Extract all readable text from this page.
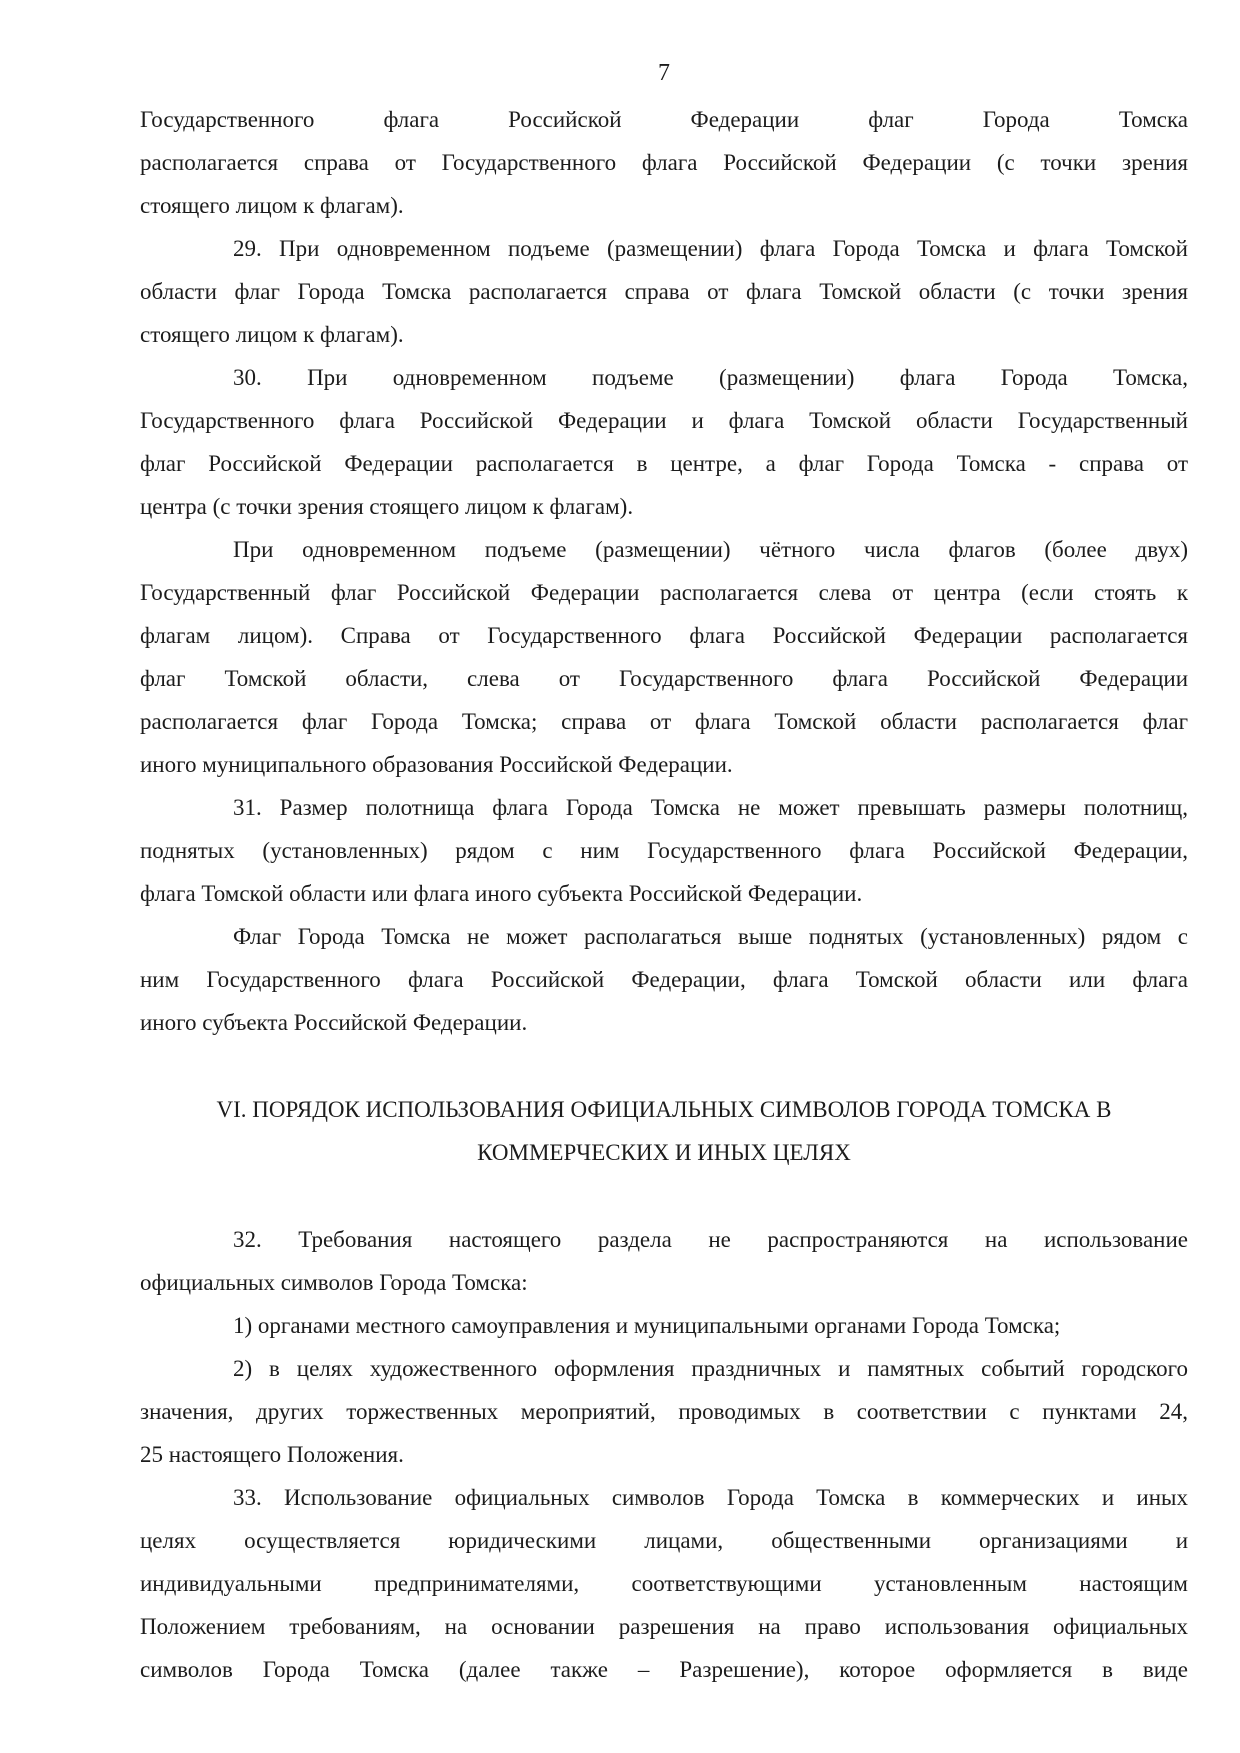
7
Государственного флага Российской Федерации флаг Города Томска
располагается справа от Государственного флага Российской Федерации (с точки зрения
стоящего лицом к флагам).
29. При одновременном подъеме (размещении) флага Города Томска и флага Томской
области флаг Города Томска располагается справа от флага Томской области (с точки зрения
стоящего лицом к флагам).
30. При одновременном подъеме (размещении) флага Города Томска,
Государственного флага Российской Федерации и флага Томской области Государственный
флаг Российской Федерации располагается в центре, а флаг Города Томска - справа от
центра (с точки зрения стоящего лицом к флагам).
При одновременном подъеме (размещении) чётного числа флагов (более двух)
Государственный флаг Российской Федерации располагается слева от центра (если стоять к
флагам лицом). Справа от Государственного флага Российской Федерации располагается
флаг Томской области, слева от Государственного флага Российской Федерации
располагается флаг Города Томска; справа от флага Томской области располагается флаг
иного муниципального образования Российской Федерации.
31. Размер полотнища флага Города Томска не может превышать размеры полотнищ,
поднятых (установленных) рядом с ним Государственного флага Российской Федерации,
флага Томской области или флага иного субъекта Российской Федерации.
Флаг Города Томска не может располагаться выше поднятых (установленных) рядом с
ним Государственного флага Российской Федерации, флага Томской области или флага
иного субъекта Российской Федерации.
VI. ПОРЯДОК ИСПОЛЬЗОВАНИЯ ОФИЦИАЛЬНЫХ СИМВОЛОВ ГОРОДА ТОМСКА В
КОММЕРЧЕСКИХ И ИНЫХ ЦЕЛЯХ
32. Требования настоящего раздела не распространяются на использование
официальных символов Города Томска:
1) органами местного самоуправления и муниципальными органами Города Томска;
2) в целях художественного оформления праздничных и памятных событий городского
значения, других торжественных мероприятий, проводимых в соответствии с пунктами 24,
25 настоящего Положения.
33. Использование официальных символов Города Томска в коммерческих и иных
целях осуществляется юридическими лицами, общественными организациями и
индивидуальными предпринимателями, соответствующими установленным настоящим
Положением требованиям, на основании разрешения на право использования официальных
символов Города Томска (далее также – Разрешение), которое оформляется в виде
